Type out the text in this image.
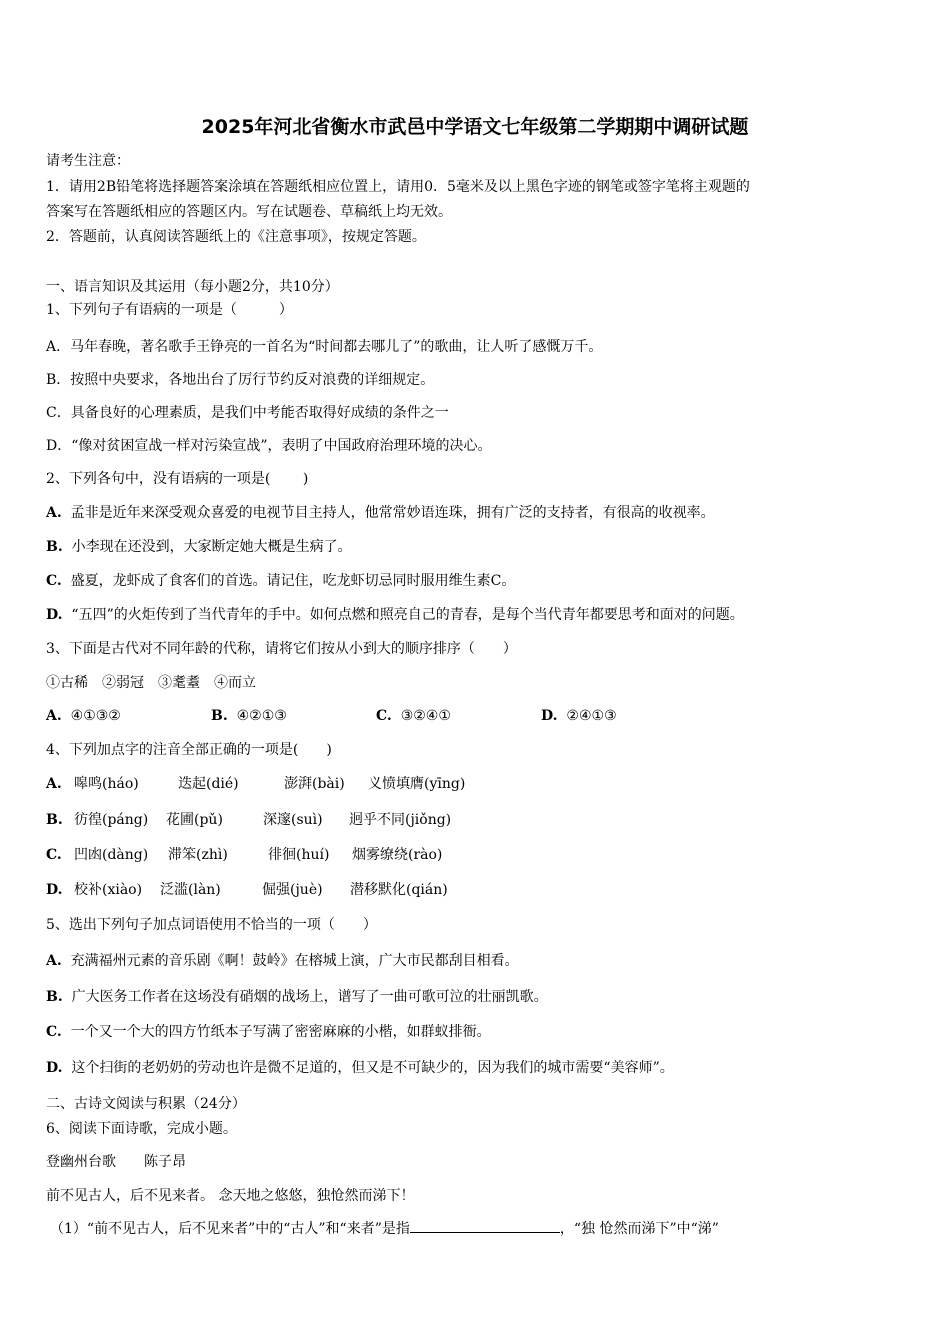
2025年河北省衡水市武邑中学语文七年级第二学期期中调研试题
请考生注意：
1．请用2B铅笔将选择题答案涂填在答题纸相应位置上，请用0．5毫米及以上黑色字迹的钢笔或签字笔将主观题的
答案写在答题纸相应的答题区内。写在试题卷、草稿纸上均无效。
2．答题前，认真阅读答题纸上的《注意事项》，按规定答题。
一、语言知识及其运用（每小题2分，共10分）
1、下列句子有语病的一项是（　　　）
A．马年春晚，著名歌手王铮亮的一首名为“时间都去哪儿了”的歌曲，让人听了感慨万千。
B．按照中央要求，各地出台了厉行节约反对浪费的详细规定。
C．具备良好的心理素质，是我们中考能否取得好成绩的条件之一
D．“像对贫困宣战一样对污染宣战”，表明了中国政府治理环境的决心。
2、下列各句中，没有语病的一项是(　　 )
A. 孟非是近年来深受观众喜爱的电视节目主持人，他常常妙语连珠，拥有广泛的支持者，有很高的收视率。
B. 小李现在还没到，大家断定她大概是生病了。
C. 盛夏，龙虾成了食客们的首选。请记住，吃龙虾切忌同时服用维生素C。
D. “五四”的火炬传到了当代青年的手中。如何点燃和照亮自己的青春，是每个当代青年都要思考和面对的问题。
3、下面是古代对不同年龄的代称，请将它们按从小到大的顺序排序（　　）
①古稀　②弱冠　③耄耋　④而立
A. ④①③②	B. ④②①③	C. ③②④①	D. ②④①③
4、下列加点字的注音全部正确的一项是(　　)
A. 嗥鸣(háo)	迭起(dié)	澎湃(bài) 义愤填膺(yīng)
B. 彷徨(páng) 花圃(pǔ)	深邃(suì) 迥乎不同(jiǒng)
C. 凹凼(dàng) 滞笨(zhì)	徘徊(huí) 烟雾缭绕(rào)
D. 校补(xiào) 泛滥(làn)	倔强(juè) 潜移默化(qián)
5、选出下列句子加点词语使用不恰当的一项（　　）
A. 充满福州元素的音乐剧《啊！鼓岭》在榕城上演，广大市民都刮目相看。
B. 广大医务工作者在这场没有硝烟的战场上，谱写了一曲可歌可泣的壮丽凯歌。
C. 一个又一个大的四方竹纸本子写满了密密麻麻的小楷，如群蚁排衙。
D. 这个扫街的老奶奶的劳动也许是微不足道的，但又是不可缺少的，因为我们的城市需要“美容师”。
二、古诗文阅读与积累（24分）
6、阅读下面诗歌，完成小题。
登幽州台歌　　陈子昂
前不见古人，后不见来者。 念天地之悠悠，独怆然而涕下！
（1）“前不见古人，后不见来者”中的“古人”和“来者”是指	，“独 怆然而涕下”中“涕”
